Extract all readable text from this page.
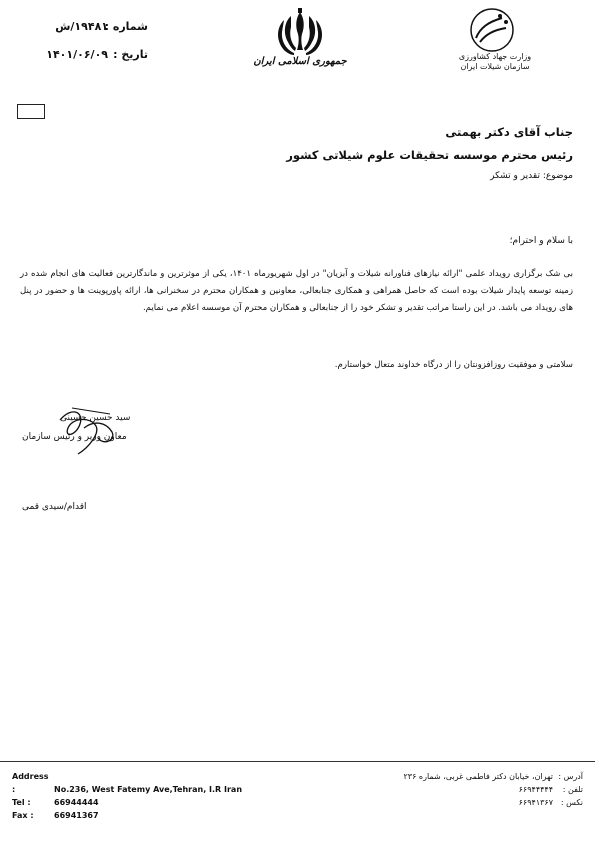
شماره :
۱۹۴۸۱/ش
تاریخ :
۱۴۰۱/۰۶/۰۹
جمهوری اسلامی ایران	وزارت جهاد کشاورزی
سازمان شیلات ایران
جناب آقای دکتر بهمتی
رئیس محترم موسسه تحقیقات علوم شیلاتی کشور
موضوع: تقدیر و تشکر
با سلام و احترام؛
بی شک برگزاری رویداد علمی "ارائه نیازهای فناورانه شیلات و آبزیان" در اول شهریورماه ۱۴۰۱، یکی از موثرترین و ماندگارترین فعالیت های انجام شده در زمینه توسعه پایدار شیلات بوده است که حاصل همراهی و همکاری جنابعالی، معاونین و همکاران محترم در سخنرانی ها، ارائه پاورپوینت ها و حضور در پنل های رویداد می باشد. در این راستا مراتب تقدیر و تشکر خود را از جنابعالی و همکاران محترم آن موسسه اعلام می نمایم.
سلامتی و موفقیت روزافزونتان را از درگاه خداوند متعال خواستارم.
سید حسین حسینی
معاون وزیر و رئیس سازمان
اقدام/سیدی قمی
Address :	No.236, West Fatemy Ave,Tehran, I.R Iran
Tel :	66944444
Fax :	66941367
آدرس :تهران، خیابان دکتر فاطمی غربی، شماره ۲۳۶
تلفن :۶۶۹۴۴۴۴۴
نکس :۶۶۹۴۱۳۶۷
